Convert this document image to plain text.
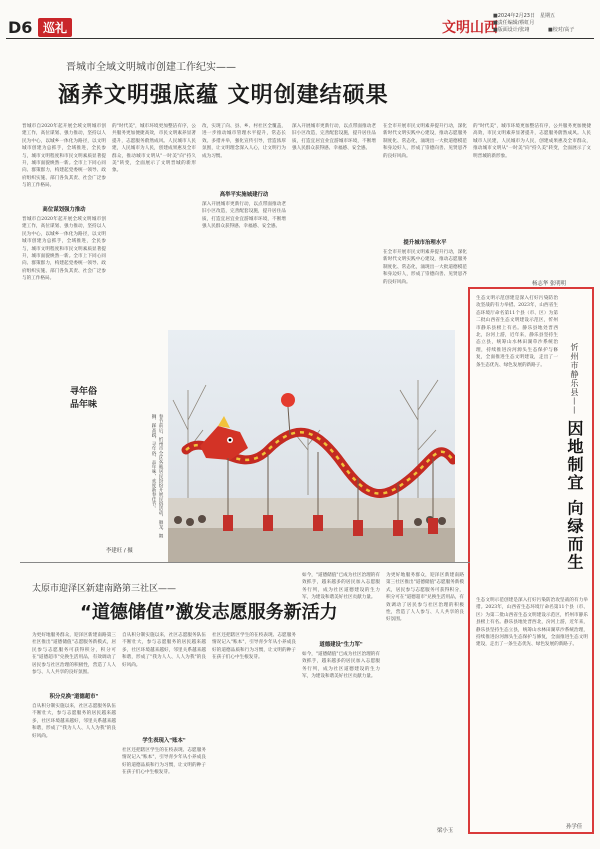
D6 巡礼	文明山西
■2024年2月23日　星期五
■责任编辑/蔡虹月
■版面设计/张翊	■校对/高子
晋城市全域文明城市创建工作纪实——
涵养文明强底蕴 文明创建结硕果
晋城市自2020年起开展全域文明城市创建工作，高位谋划、强力推动，坚持以人民为中心，以城乡一体化为路径，以文明城市创建为总抓手，全域推进，全民参与，城市文明程度和市民文明素质显著提升，城市面貌焕然一新。全市上下同心同向、群策群力，构建起党委统一领导、政府组织实施、部门各负其责、社会广泛参与的工作格局。
高位谋划强力推动
晋城市自2020年起开展全域文明城市创建工作，高位谋划、强力推动，坚持以人民为中心，以城乡一体化为路径，以文明城市创建为总抓手，全域推进，全民参与，城市文明程度和市民文明素质显著提升，城市面貌焕然一新。全市上下同心同向、群策群力，构建起党委统一领导、政府组织实施、部门各负其责、社会广泛参与的工作格局。
的"时代美"，城市环境更加整洁有序，公共服务更加便捷高效，市民文明素养显著提升，志愿服务蔚然成风。人民城市人民建，人民城市为人民，创建成果惠及全市群众，推动城市文明从"一时美"向"持久美"转变，全面展示了文明晋城的新形象。
改，实现了向、县、乡、村社区全覆盖，进一步推动城市管理水平提升，常态长效。多措并举，强化宣传引导，营造浓厚氛围，让文明理念深入人心，让文明行为成为习惯。
高举平实施城建行动
深入开展城市更新行动，以点带面推动老旧小区改造，完善配套设施，提升居住品质，打造宜居宜业宜游城市环境，不断增强人民群众获得感、幸福感、安全感。
深入开展城市更新行动，以点带面推动老旧小区改造，完善配套设施，提升居住品质，打造宜居宜业宜游城市环境，不断增强人民群众获得感、幸福感、安全感。
在全市开展市民文明素养提升行动，深化新时代文明实践中心建设，推动志愿服务制度化、常态化，涌现出一大批道德模范和身边好人，形成了崇德向善、见贤思齐的良好风尚。
提升城市治理水平
在全市开展市民文明素养提升行动，深化新时代文明实践中心建设，推动志愿服务制度化、常态化，涌现出一大批道德模范和身边好人，形成了崇德向善、见贤思齐的良好风尚。
的"时代美"，城市环境更加整洁有序，公共服务更加便捷高效，市民文明素养显著提升，志愿服务蔚然成风。人民城市人民建，人民城市为人民，创建成果惠及全市群众，推动城市文明从"一时美"向"持久美"转变，全面展示了文明晋城的新形象。
杨志华 张明明
寻年俗
品年味
春节前后，忻州市全区各地居民纷纷开展民俗活动，舞龙、舞狮、踩高跷，寻年俗、品年味，欢度新春佳节。
李建旺 / 摄
忻州市静乐县—— 因地制宜 向绿而生
生态文明示范创建是深入打好污染防治攻坚战的有力举措。2023年，山西省生态环境厅命名第11个县（市、区）为第二批山西省生态文明建设示范区，忻州市静乐县榜上有名。静乐县地处晋西北，汾河上游，近年来，静乐县坚持生态立县，统筹山水林田湖草沙系统治理，持续推进汾河源头生态保护与修复，全面推进生态文明建设，走出了一条生态优先、绿色发展的新路子。
生态文明示范创建是深入打好污染防治攻坚战的有力举措。2023年，山西省生态环境厅命名第11个县（市、区）为第二批山西省生态文明建设示范区，忻州市静乐县榜上有名。静乐县地处晋西北，汾河上游，近年来，静乐县坚持生态立县，统筹山水林田湖草沙系统治理，持续推进汾河源头生态保护与修复，全面推进生态文明建设，走出了一条生态优先、绿色发展的新路子。
孙学佳
太原市迎泽区新建南路第三社区——
“道德储值”激发志愿服务新活力
为更好地服务群众，迎泽区新建南路第三社区推出"道德储值"志愿服务新模式，居民参与志愿服务可获得积分，积分可在"道德超市"兑换生活用品，有效调动了居民参与社区治理的积极性，营造了人人参与、人人共享的良好氛围。
积分兑换"道德超市"
自从积分制实施以来，社区志愿服务队伍不断壮大，参与志愿服务的居民越来越多，社区环境越来越好，邻里关系越来越和谐，形成了"我为人人、人人为我"的良好风尚。
自从积分制实施以来，社区志愿服务队伍不断壮大，参与志愿服务的居民越来越多，社区环境越来越好，邻里关系越来越和谐，形成了"我为人人、人人为我"的良好风尚。
学生表现入"账本"
社区还把辖区学生的在校表现、志愿服务情况记入"账本"，引导青少年从小养成良好的道德品质和行为习惯，让文明的种子在孩子们心中生根发芽。
社区还把辖区学生的在校表现、志愿服务情况记入"账本"，引导青少年从小养成良好的道德品质和行为习惯，让文明的种子在孩子们心中生根发芽。
如今，"道德储值"已成为社区治理的有效抓手，越来越多的居民加入志愿服务行列，成为社区道德建设的生力军，为建设和谐美好社区贡献力量。
道德建设"生力军"
如今，"道德储值"已成为社区治理的有效抓手，越来越多的居民加入志愿服务行列，成为社区道德建设的生力军，为建设和谐美好社区贡献力量。
为更好地服务群众，迎泽区新建南路第三社区推出"道德储值"志愿服务新模式，居民参与志愿服务可获得积分，积分可在"道德超市"兑换生活用品，有效调动了居民参与社区治理的积极性，营造了人人参与、人人共享的良好氛围。
梁小玉
